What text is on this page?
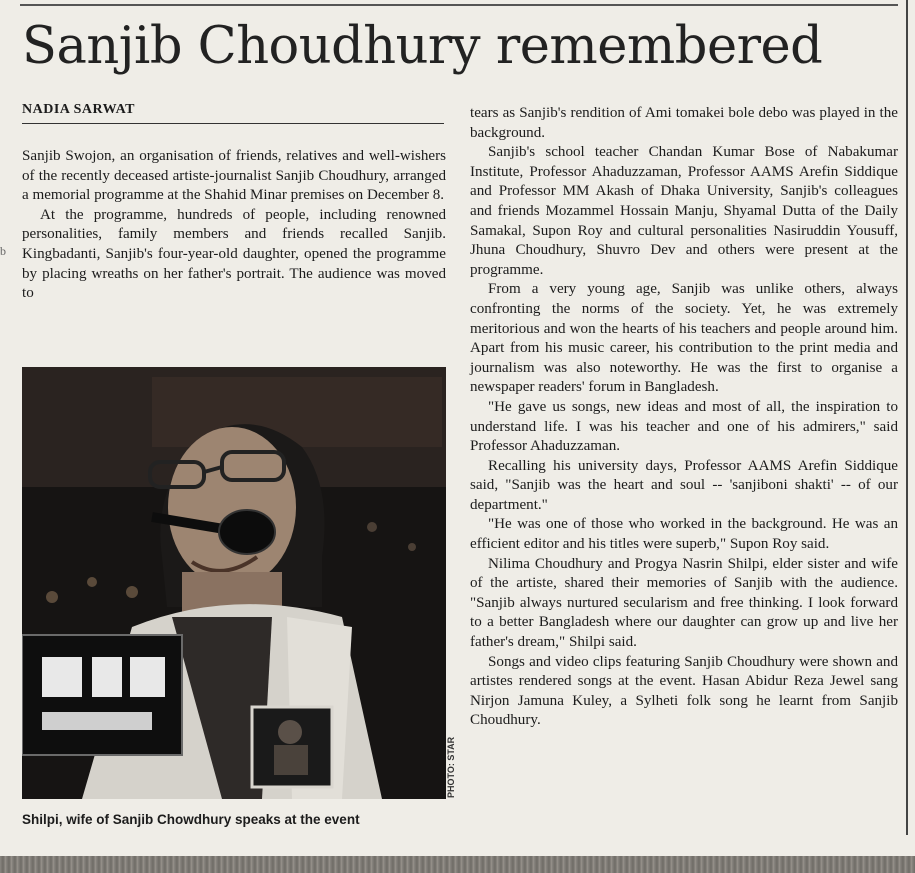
b
Sanjib Choudhury remembered
NADIA SARWAT

Sanjib Swojon, an organisation of friends, relatives and well-wishers of the recently deceased artiste-journalist Sanjib Choudhury, arranged a memorial programme at the Shahid Minar premises on December 8.

At the programme, hundreds of people, including renowned personalities, family members and friends recalled Sanjib. Kingbadanti, Sanjib's four-year-old daughter, opened the programme by placing wreaths on her father's portrait. The audience was moved to

PHOTO: STAR
Shilpi, wife of Sanjib Chowdhury speaks at the event

tears as Sanjib's rendition of Ami tomakei bole debo was played in the background.

Sanjib's school teacher Chandan Kumar Bose of Nabakumar Institute, Professor Ahaduzzaman, Professor AAMS Arefin Siddique and Professor MM Akash of Dhaka University, Sanjib's colleagues and friends Mozammel Hossain Manju, Shyamal Dutta of the Daily Samakal, Supon Roy and cultural personalities Nasiruddin Yousuff, Jhuna Choudhury, Shuvro Dev and others were present at the programme.

From a very young age, Sanjib was unlike others, always confronting the norms of the society. Yet, he was extremely meritorious and won the hearts of his teachers and people around him. Apart from his music career, his contribution to the print media and journalism was also noteworthy. He was the first to organise a newspaper readers' forum in Bangladesh.

"He gave us songs, new ideas and most of all, the inspiration to understand life. I was his teacher and one of his admirers," said Professor Ahaduzzaman.

Recalling his university days, Professor AAMS Arefin Siddique said, "Sanjib was the heart and soul -- 'sanjiboni shakti' -- of our department."

"He was one of those who worked in the background. He was an efficient editor and his titles were superb," Supon Roy said.

Nilima Choudhury and Progya Nasrin Shilpi, elder sister and wife of the artiste, shared their memories of Sanjib with the audience. "Sanjib always nurtured secularism and free thinking. I look forward to a better Bangladesh where our daughter can grow up and live her father's dream," Shilpi said.

Songs and video clips featuring Sanjib Choudhury were shown and artistes rendered songs at the event. Hasan Abidur Reza Jewel sang Nirjon Jamuna Kuley, a Sylheti folk song he learnt from Sanjib Choudhury.
